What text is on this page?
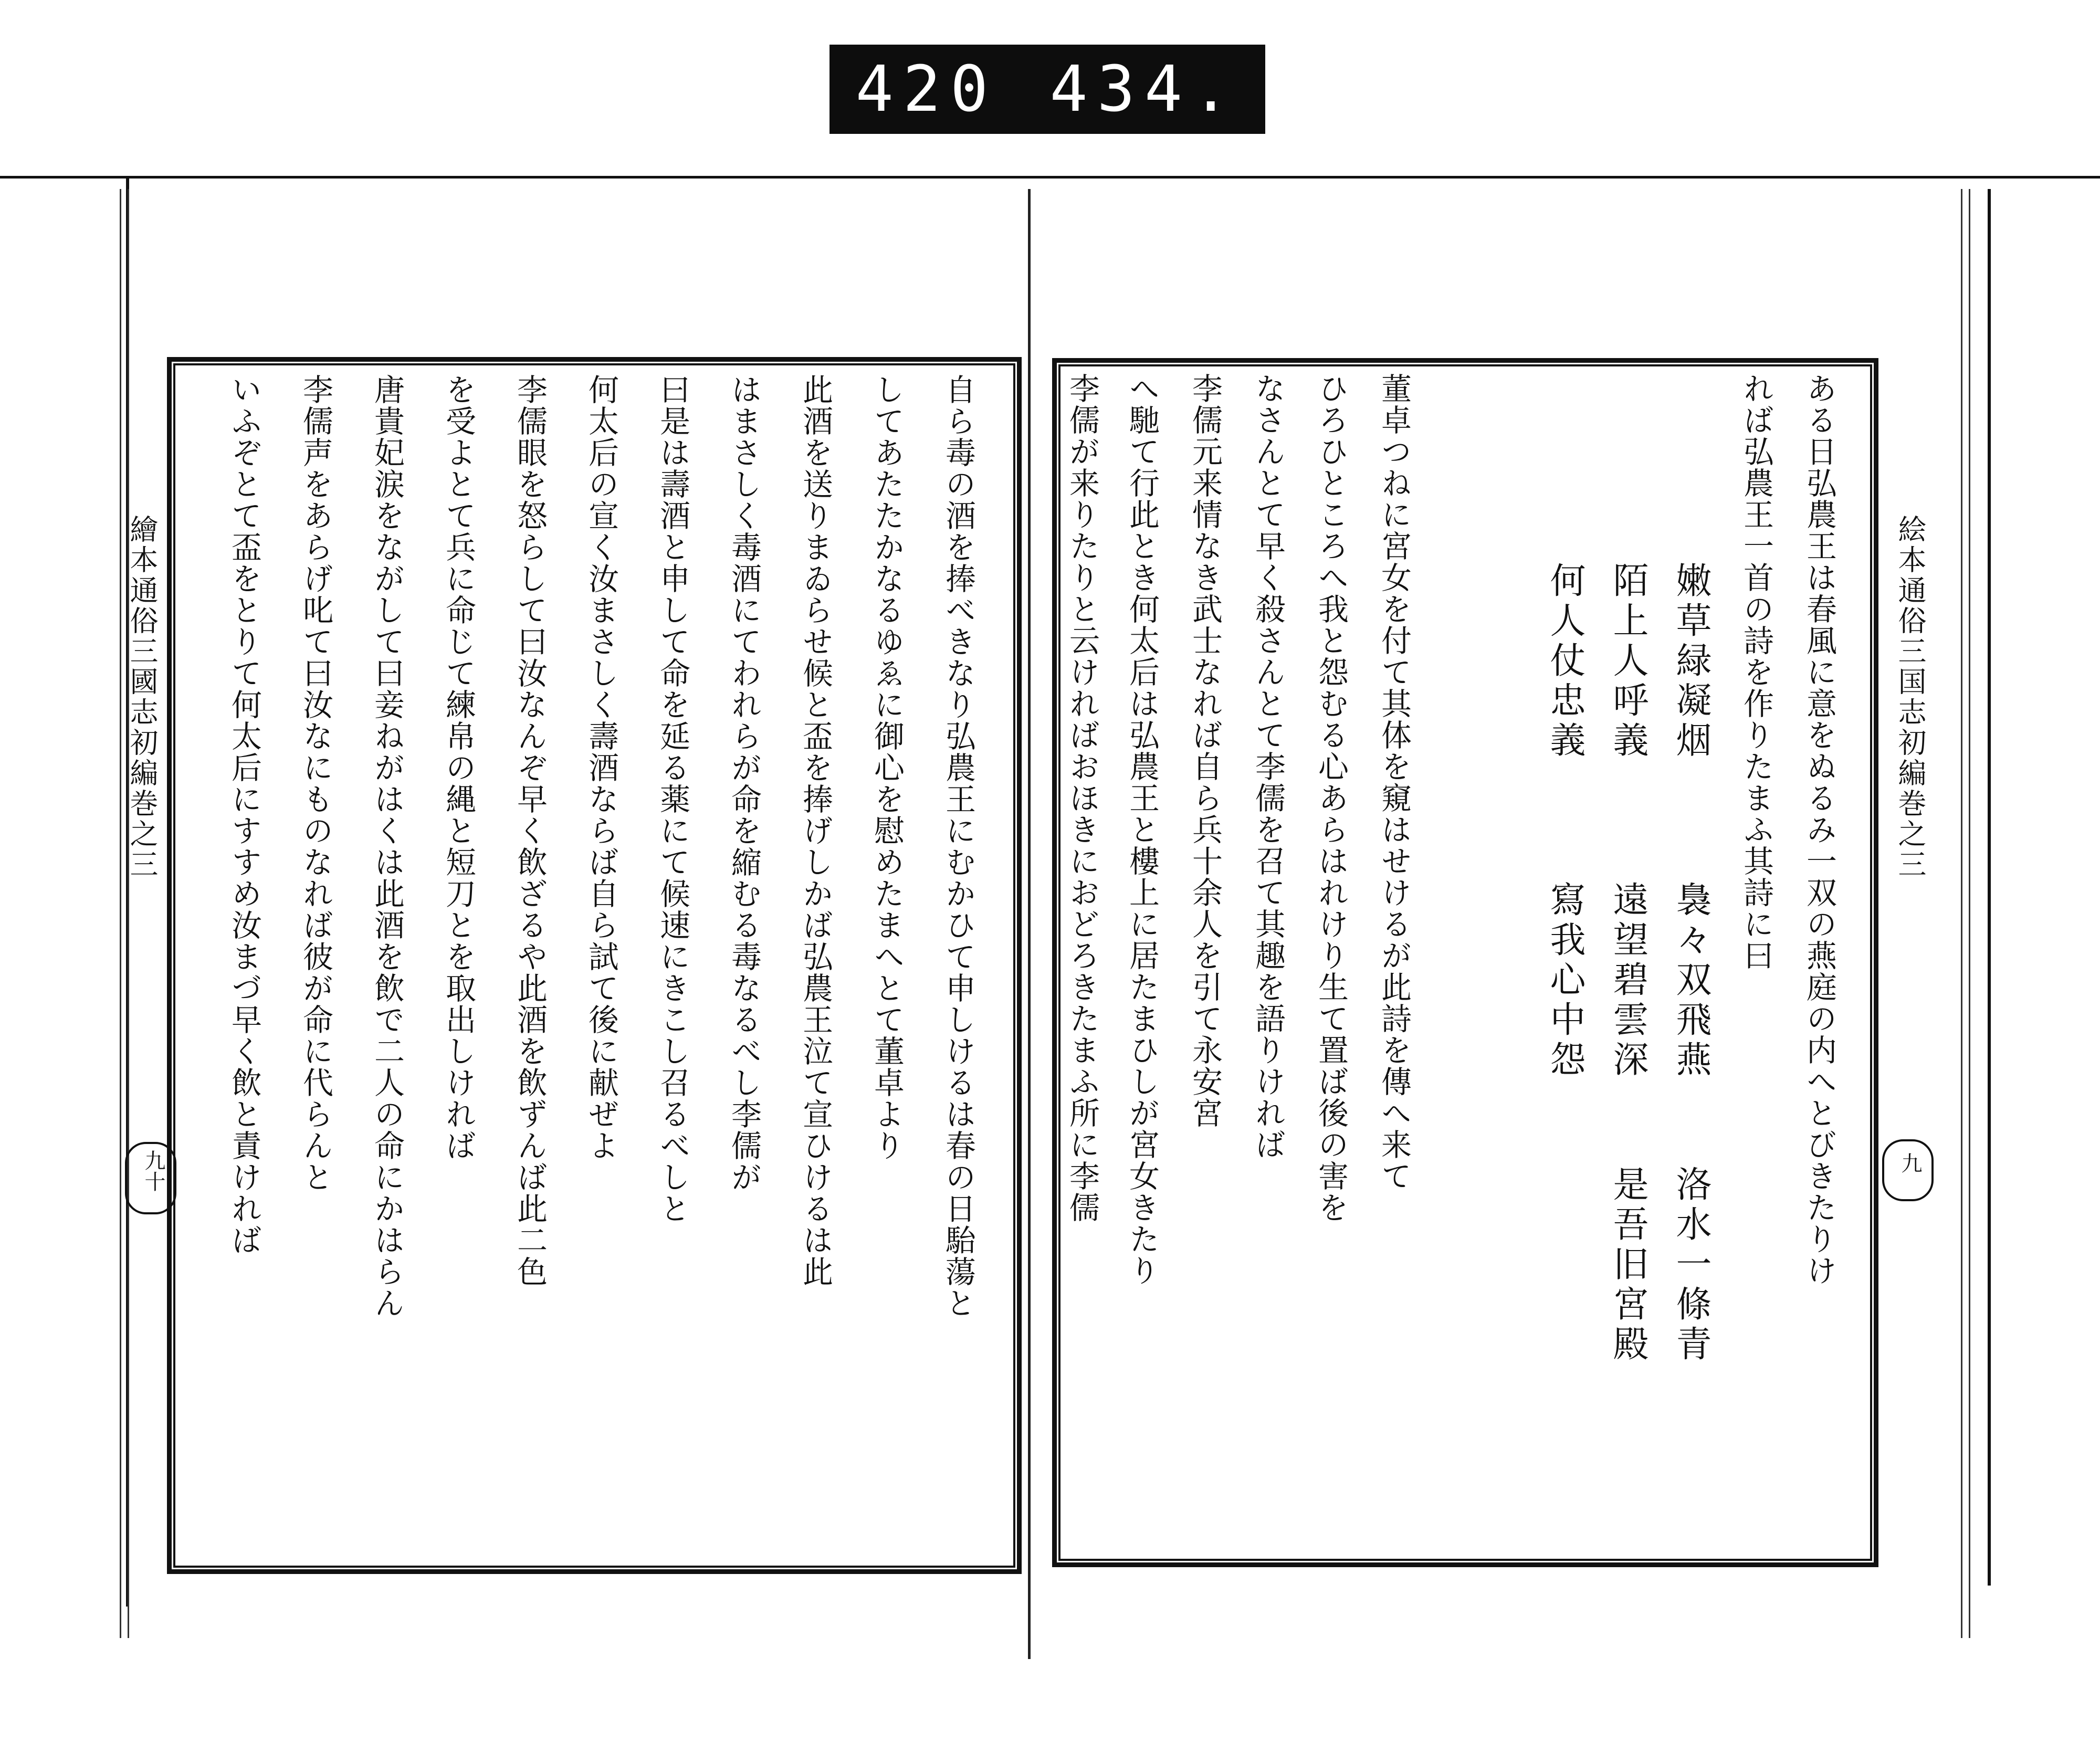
420 434.
絵本通俗三国志初編巻之三
九
ある日弘農王は春風に意をぬるみ一双の燕庭の内へとびきたりけ
れば弘農王一首の詩を作りたまふ其詩に曰
嫩草緑凝烟　　　裊々双飛燕
陌上人呼義　　　遠望碧雲深
何人仗忠義　　　寫我心中怨
洛水一條青
是吾旧宮殿
董卓つねに宮女を付て其体を窺はせけるが此詩を傳へ来て
ひろひところへ我と怨むる心あらはれけり生て置ば後の害を
なさんとて早く殺さんとて李儒を召て其趣を語りければ
李儒元来情なき武士なれば自ら兵十余人を引て永安宮
へ馳て行此とき何太后は弘農王と樓上に居たまひしが宮女きたり
李儒が来りたりと云ければおほきにおどろきたまふ所に李儒
繪本通俗三國志初編巻之三
九十	自ら毒の酒を捧べきなり弘農王にむかひて申しけるは春の日駘蕩と
してあたたかなるゆゑに御心を慰めたまへとて董卓より
此酒を送りまゐらせ候と盃を捧げしかば弘農王泣て宣ひけるは此
はまさしく毒酒にてわれらが命を縮むる毒なるべし李儒が
曰是は壽酒と申して命を延る薬にて候速にきこし召るべしと
何太后の宣く汝まさしく壽酒ならば自ら試て後に献ぜよ
李儒眼を怒らして曰汝なんぞ早く飲ざるや此酒を飲ずんば此二色
を受よとて兵に命じて練帛の縄と短刀とを取出しければ
唐貴妃涙をながして曰妾ねがはくは此酒を飲で二人の命にかはらん
李儒声をあらげ叱て曰汝なにものなれば彼が命に代らんと
いふぞとて盃をとりて何太后にすすめ汝まづ早く飲と責ければ
